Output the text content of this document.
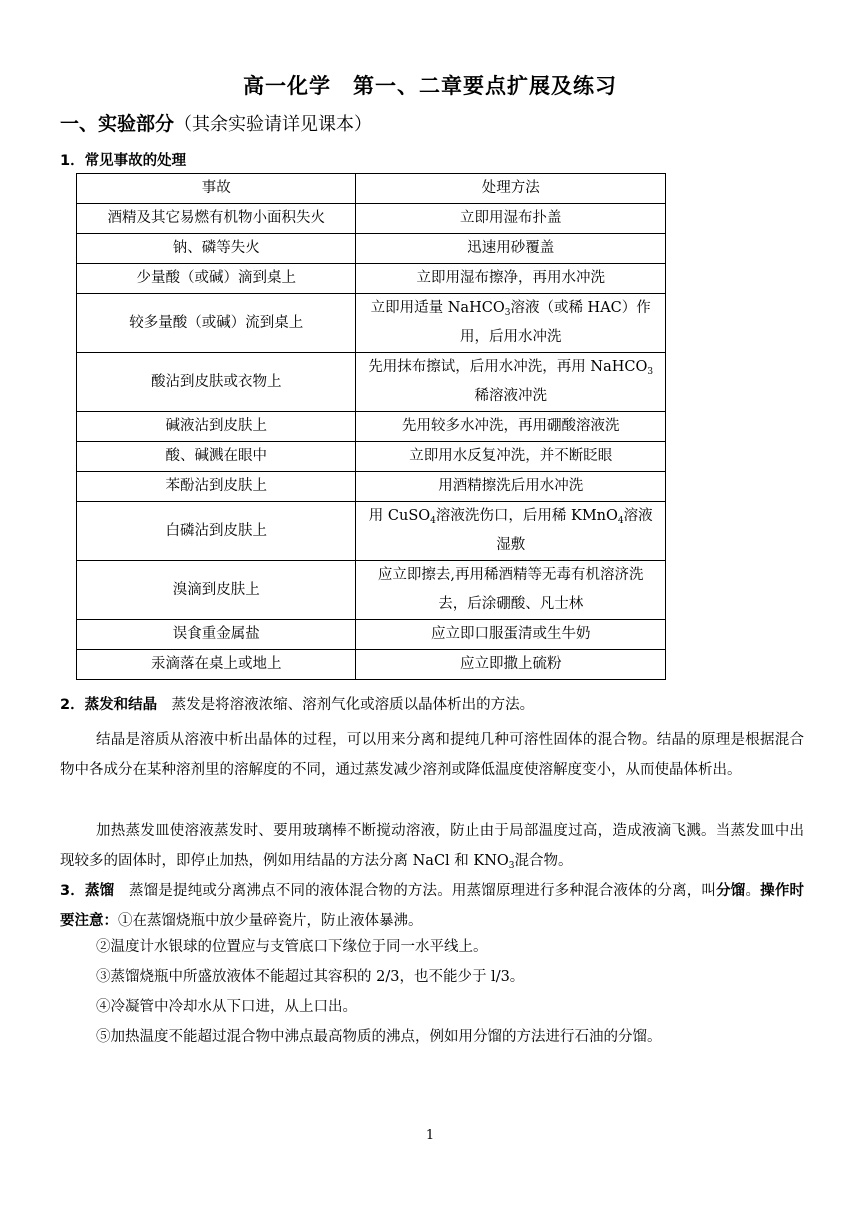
高一化学　第一、二章要点扩展及练习
一、实验部分（其余实验请详见课本）
1．常见事故的处理
事故	处理方法
酒精及其它易燃有机物小面积失火	立即用湿布扑盖
钠、磷等失火	迅速用砂覆盖
少量酸（或碱）滴到桌上	立即用湿布擦净，再用水冲洗
较多量酸（或碱）流到桌上	立即用适量 NaHCO$_3$溶液（或稀 HAC）作用，后用水冲洗
酸沾到皮肤或衣物上	先用抹布擦试，后用水冲洗，再用 NaHCO$_3$稀溶液冲洗
碱液沾到皮肤上	先用较多水冲洗，再用硼酸溶液洗
酸、碱溅在眼中	立即用水反复冲洗，并不断眨眼
苯酚沾到皮肤上	用酒精擦洗后用水冲洗
白磷沾到皮肤上	用 CuSO$_4$溶液洗伤口，后用稀 KMnO$_4$溶液湿敷
溴滴到皮肤上	应立即擦去,再用稀酒精等无毒有机溶济洗去，后涂硼酸、凡士林
误食重金属盐	应立即口服蛋清或生牛奶
汞滴落在桌上或地上	应立即撒上硫粉
2．蒸发和结晶　蒸发是将溶液浓缩、溶剂气化或溶质以晶体析出的方法。
结晶是溶质从溶液中析出晶体的过程，可以用来分离和提纯几种可溶性固体的混合物。结晶的原理是根据混合物中各成分在某种溶剂里的溶解度的不同，通过蒸发减少溶剂或降低温度使溶解度变小，从而使晶体析出。
加热蒸发皿使溶液蒸发时、要用玻璃棒不断搅动溶液，防止由于局部温度过高，造成液滴飞溅。当蒸发皿中出现较多的固体时，即停止加热，例如用结晶的方法分离 NaCl 和 $KNO_3$混合物。
3．蒸馏　蒸馏是提纯或分离沸点不同的液体混合物的方法。用蒸馏原理进行多种混合液体的分离，叫分馏。操作时要注意：①在蒸馏烧瓶中放少量碎瓷片，防止液体暴沸。
②温度计水银球的位置应与支管底口下缘位于同一水平线上。
③蒸馏烧瓶中所盛放液体不能超过其容积的 2/3，也不能少于 l/3。
④冷凝管中冷却水从下口进，从上口出。
⑤加热温度不能超过混合物中沸点最高物质的沸点，例如用分馏的方法进行石油的分馏。
1
